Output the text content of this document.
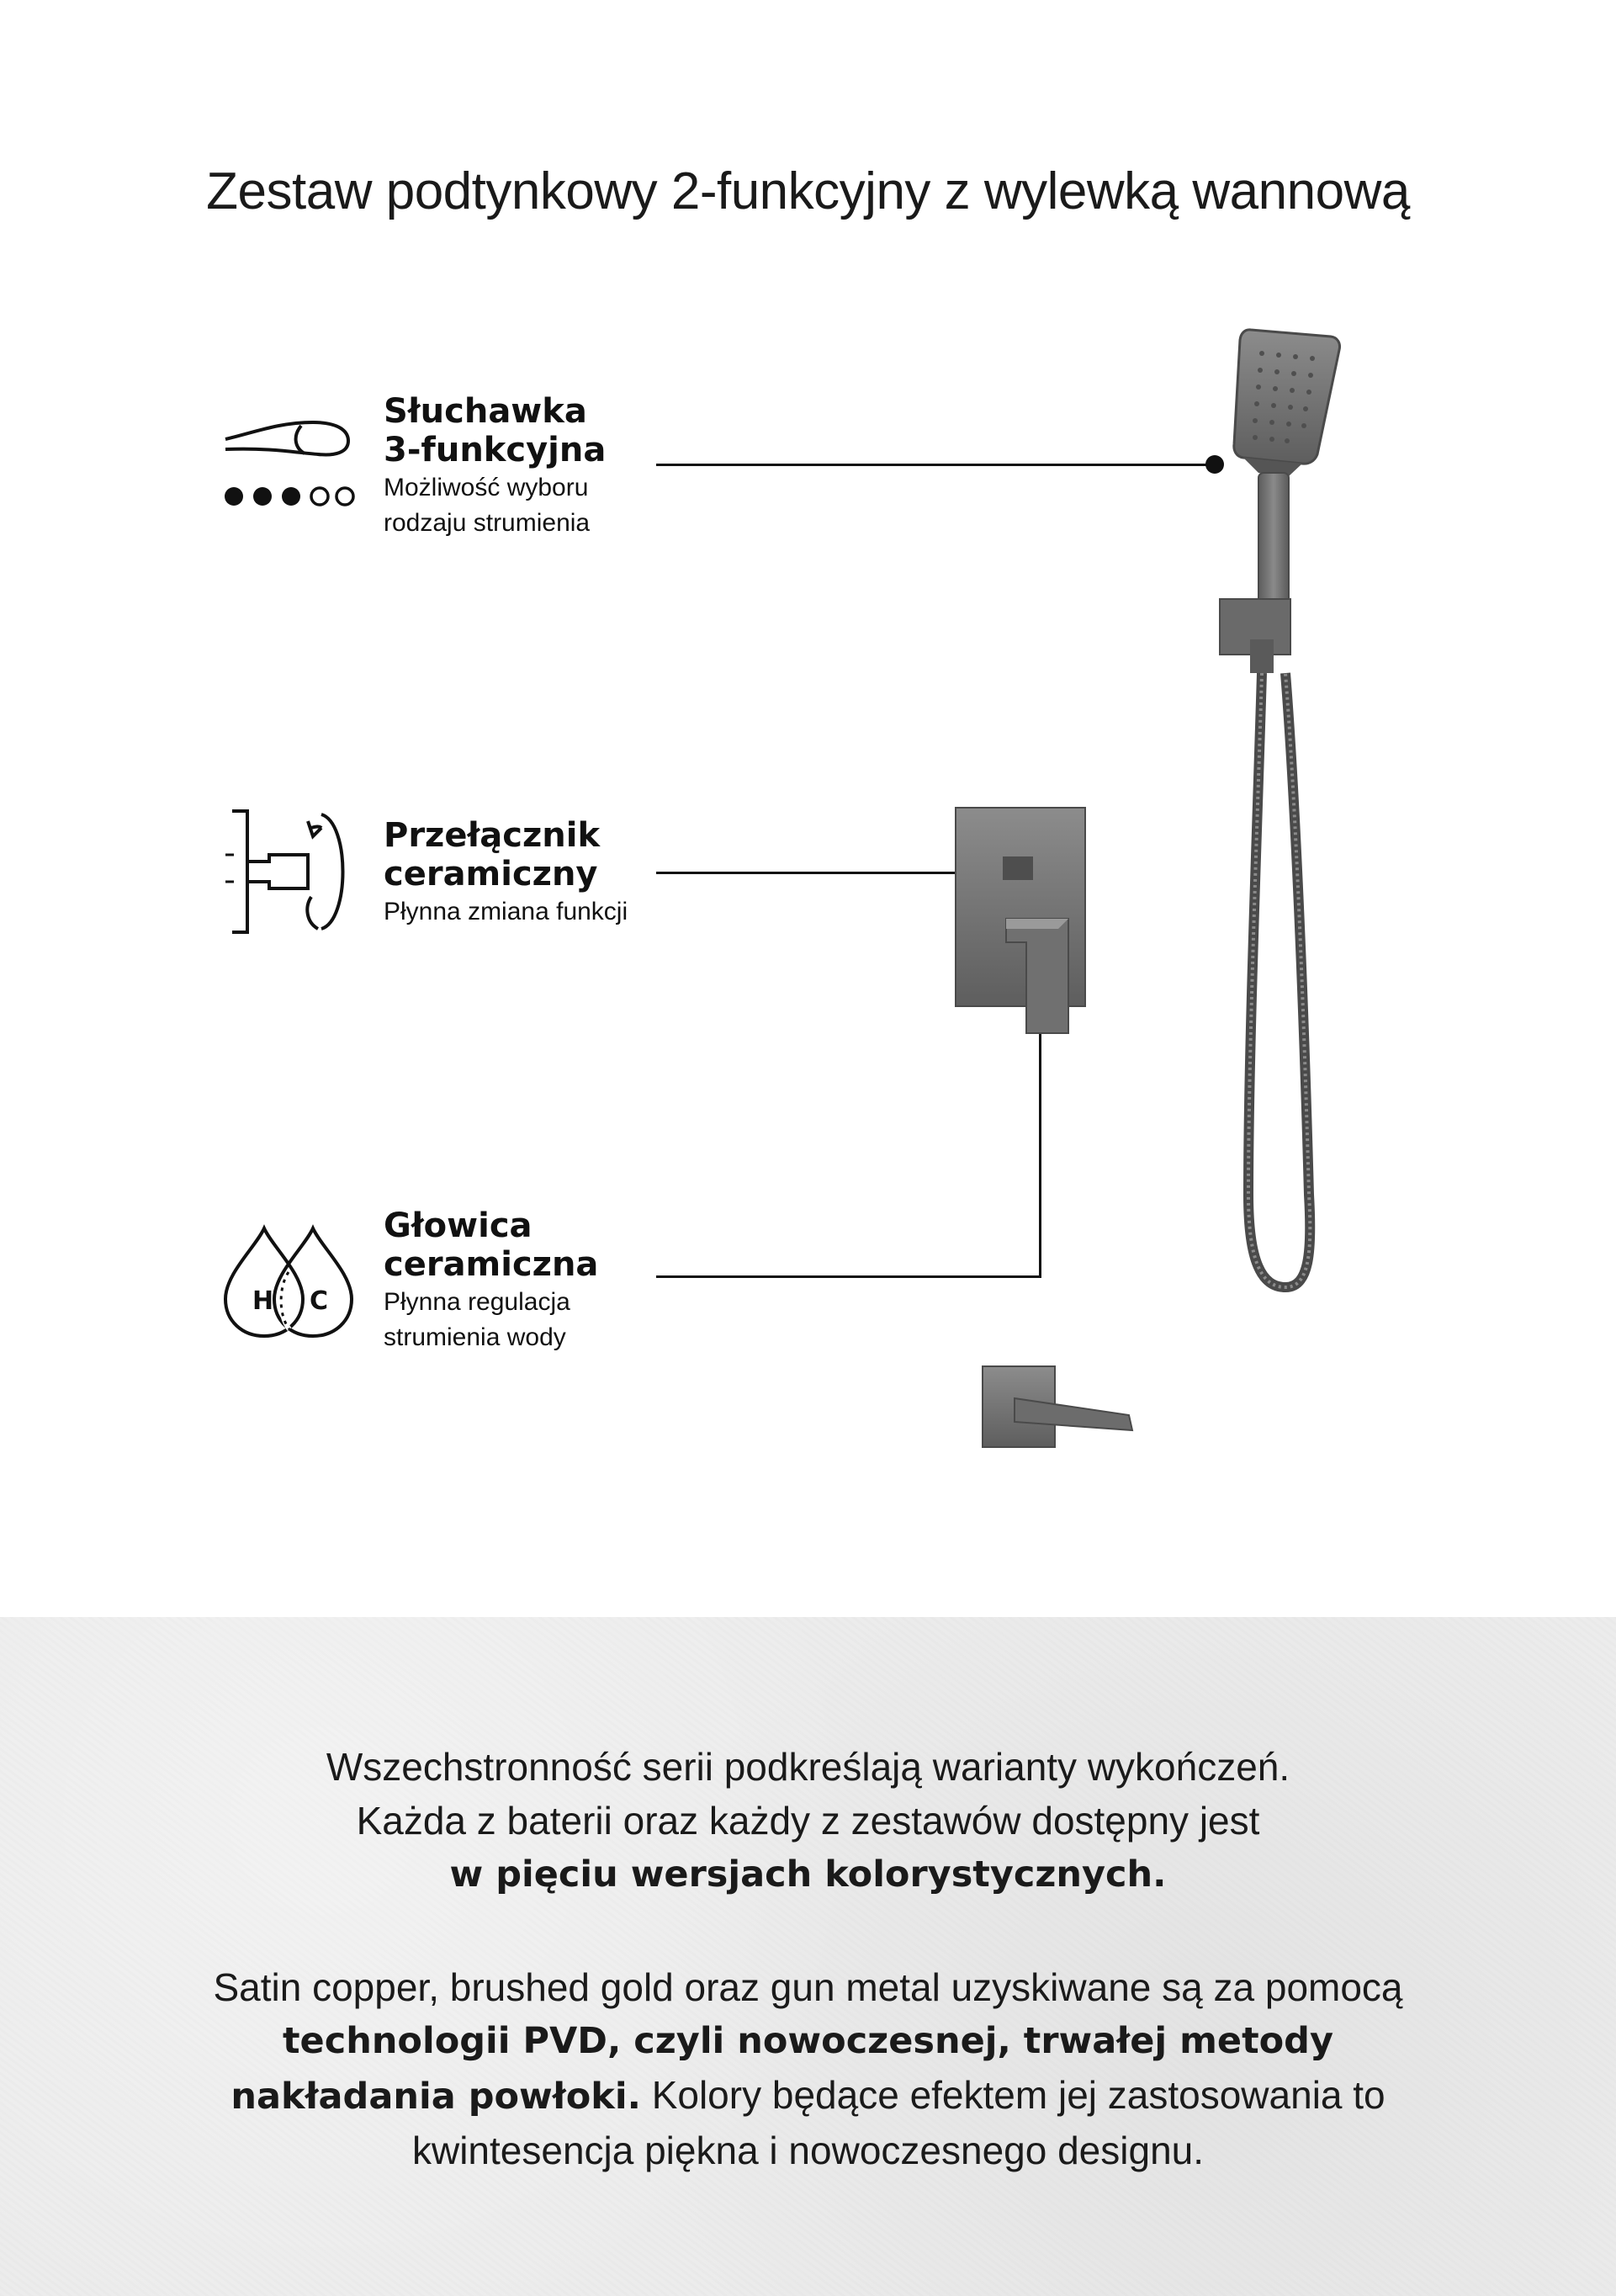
Zestaw podtynkowy 2-funkcyjny z wylewką wannową
Słuchawka
3-funkcyjna
Możliwość wyboru
rodzaju strumienia
Przełącznik
ceramiczny
Płynna zmiana funkcji
H C
Głowica
ceramiczna
Płynna regulacja
strumienia wody
Wszechstronność serii podkreślają warianty wykończeń.
Każda z baterii oraz każdy z zestawów dostępny jest
w pięciu wersjach kolorystycznych.
Satin copper, brushed gold oraz gun metal uzyskiwane są za pomocą
technologii PVD, czyli nowoczesnej, trwałej metody
nakładania powłoki. Kolory będące efektem jej zastosowania to
kwintesencja piękna i nowoczesnego designu.
